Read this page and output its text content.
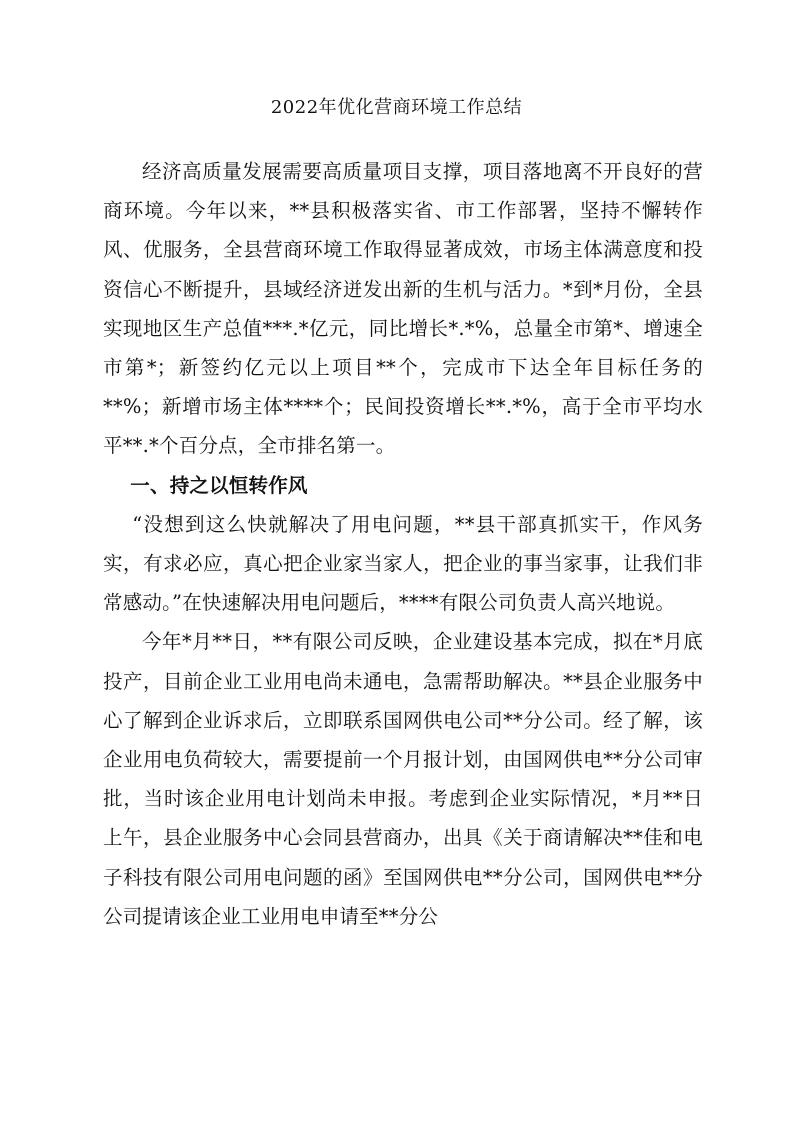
2022年优化营商环境工作总结

经济高质量发展需要高质量项目支撑，项目落地离不开良好的营商环境。今年以来，**县积极落实省、市工作部署，坚持不懈转作风、优服务，全县营商环境工作取得显著成效，市场主体满意度和投资信心不断提升，县域经济迸发出新的生机与活力。*到*月份，全县实现地区生产总值***.*亿元，同比增长*.*%，总量全市第*、增速全市第*；新签约亿元以上项目**个，完成市下达全年目标任务的**%；新增市场主体****个；民间投资增长**.*%，高于全市平均水平**.*个百分点，全市排名第一。

一、持之以恒转作风

“没想到这么快就解决了用电问题，**县干部真抓实干，作风务实，有求必应，真心把企业家当家人，把企业的事当家事，让我们非常感动。”在快速解决用电问题后，****有限公司负责人高兴地说。

今年*月**日，**有限公司反映，企业建设基本完成，拟在*月底投产，目前企业工业用电尚未通电，急需帮助解决。**县企业服务中心了解到企业诉求后，立即联系国网供电公司**分公司。经了解，该企业用电负荷较大，需要提前一个月报计划，由国网供电**分公司审批，当时该企业用电计划尚未申报。考虑到企业实际情况，*月**日上午，县企业服务中心会同县营商办，出具《关于商请解决**佳和电子科技有限公司用电问题的函》至国网供电**分公司，国网供电**分公司提请该企业工业用电申请至**分公
